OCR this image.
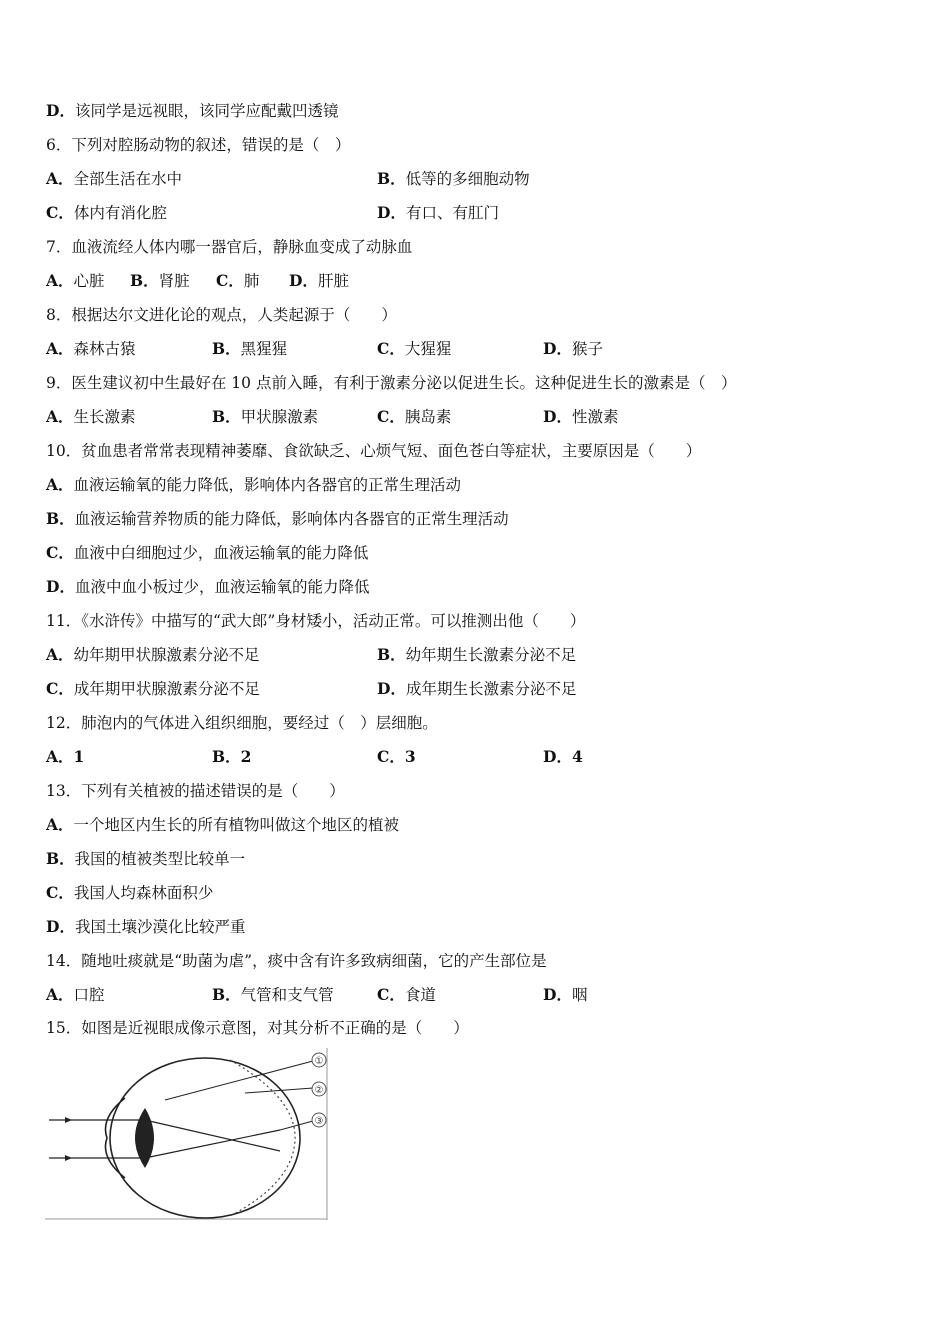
D．该同学是远视眼，该同学应配戴凹透镜
6．下列对腔肠动物的叙述，错误的是（　）
A．全部生活在水中	B．低等的多细胞动物
C．体内有消化腔	D．有口、有肛门
7．血液流经人体内哪一器官后，静脉血变成了动脉血
A．心脏 B．肾脏 C．肺 D．肝脏
8．根据达尔文进化论的观点，人类起源于（　　）
A．森林古猿	B．黑猩猩	C．大猩猩	D．猴子
9．医生建议初中生最好在 10 点前入睡，有利于激素分泌以促进生长。这种促进生长的激素是（　）
A．生长激素	B．甲状腺激素	C．胰岛素	D．性激素
10．贫血患者常常表现精神萎靡、食欲缺乏、心烦气短、面色苍白等症状，主要原因是（　　）
A．血液运输氧的能力降低，影响体内各器官的正常生理活动
B．血液运输营养物质的能力降低，影响体内各器官的正常生理活动
C．血液中白细胞过少，血液运输氧的能力降低
D．血液中血小板过少，血液运输氧的能力降低
11．《水浒传》中描写的“武大郎”身材矮小，活动正常。可以推测出他（　　）
A．幼年期甲状腺激素分泌不足	B．幼年期生长激素分泌不足
C．成年期甲状腺激素分泌不足	D．成年期生长激素分泌不足
12．肺泡内的气体进入组织细胞，要经过（　）层细胞。
A．1	B．2	C．3	D．4
13．下列有关植被的描述错误的是（　　）
A．一个地区内生长的所有植物叫做这个地区的植被
B．我国的植被类型比较单一
C．我国人均森林面积少
D．我国土壤沙漠化比较严重
14．随地吐痰就是“助菌为虐”，痰中含有许多致病细菌，它的产生部位是
A．口腔	B．气管和支气管	C．食道	D．咽
15．如图是近视眼成像示意图，对其分析不正确的是（　　）
①
②
③
